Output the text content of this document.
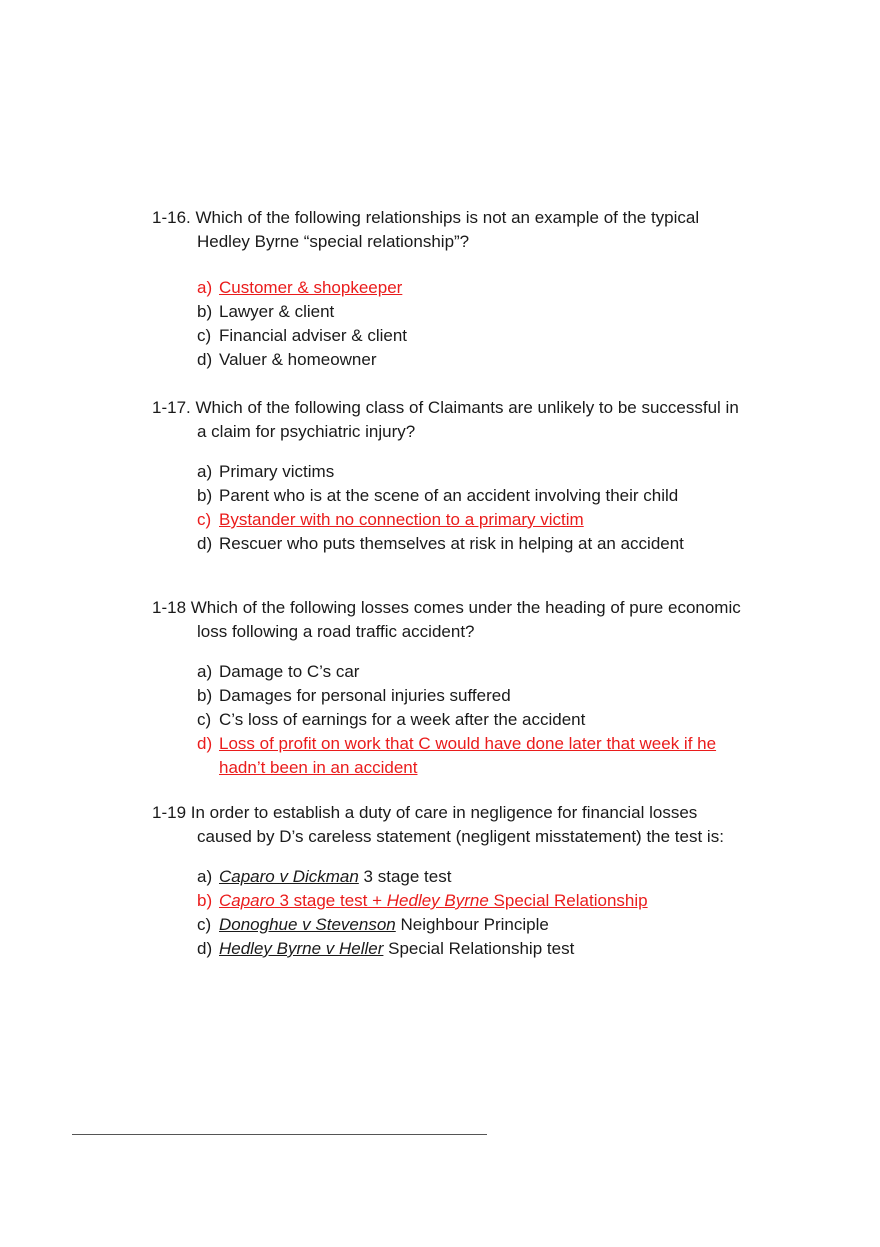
1-16. Which of the following relationships is not an example of the typical Hedley Byrne “special relationship”?

a) Customer & shopkeeper
b) Lawyer & client
c) Financial adviser & client
d) Valuer & homeowner

1-17. Which of the following class of Claimants are unlikely to be successful in a claim for psychiatric injury?

a) Primary victims
b) Parent who is at the scene of an accident involving their child
c) Bystander with no connection to a primary victim
d) Rescuer who puts themselves at risk in helping at an accident

1-18 Which of the following losses comes under the heading of pure economic loss following a road traffic accident?

a) Damage to C’s car
b) Damages for personal injuries suffered
c) C’s loss of earnings for a week after the accident
d) Loss of profit on work that C would have done later that week if he hadn’t been in an accident

1-19 In order to establish a duty of care in negligence for financial losses caused by D’s careless statement (negligent misstatement) the test is:

a) Caparo v Dickman 3 stage test
b) Caparo 3 stage test + Hedley Byrne Special Relationship
c) Donoghue v Stevenson Neighbour Principle
d) Hedley Byrne v Heller Special Relationship test
